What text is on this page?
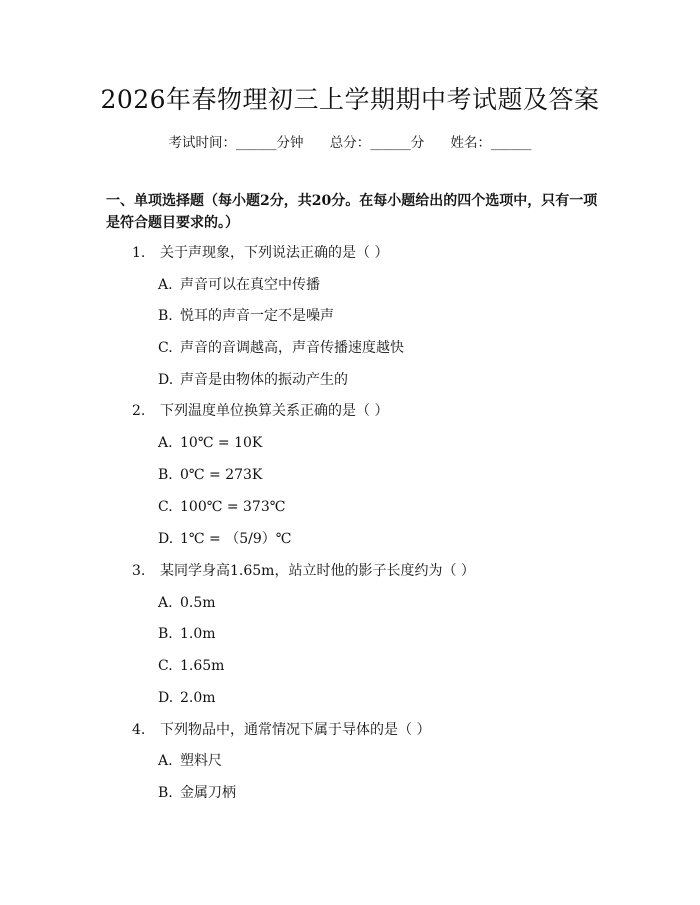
2026年春物理初三上学期期中考试题及答案
考试时间：______分钟 总分：______分 姓名：______
一、单项选择题（每小题2分，共20分。在每小题给出的四个选项中，只有一项是符合题目要求的。）
1. 关于声现象，下列说法正确的是（ ）
A. 声音可以在真空中传播
B. 悦耳的声音一定不是噪声
C. 声音的音调越高，声音传播速度越快
D. 声音是由物体的振动产生的
2. 下列温度单位换算关系正确的是（ ）
A. 10℃ = 10K
B. 0℃ = 273K
C. 100℃ = 373℃
D. 1℃ = （5/9）℃
3. 某同学身高1.65m，站立时他的影子长度约为（ ）
A. 0.5m
B. 1.0m
C. 1.65m
D. 2.0m
4. 下列物品中，通常情况下属于导体的是（ ）
A. 塑料尺
B. 金属刀柄
